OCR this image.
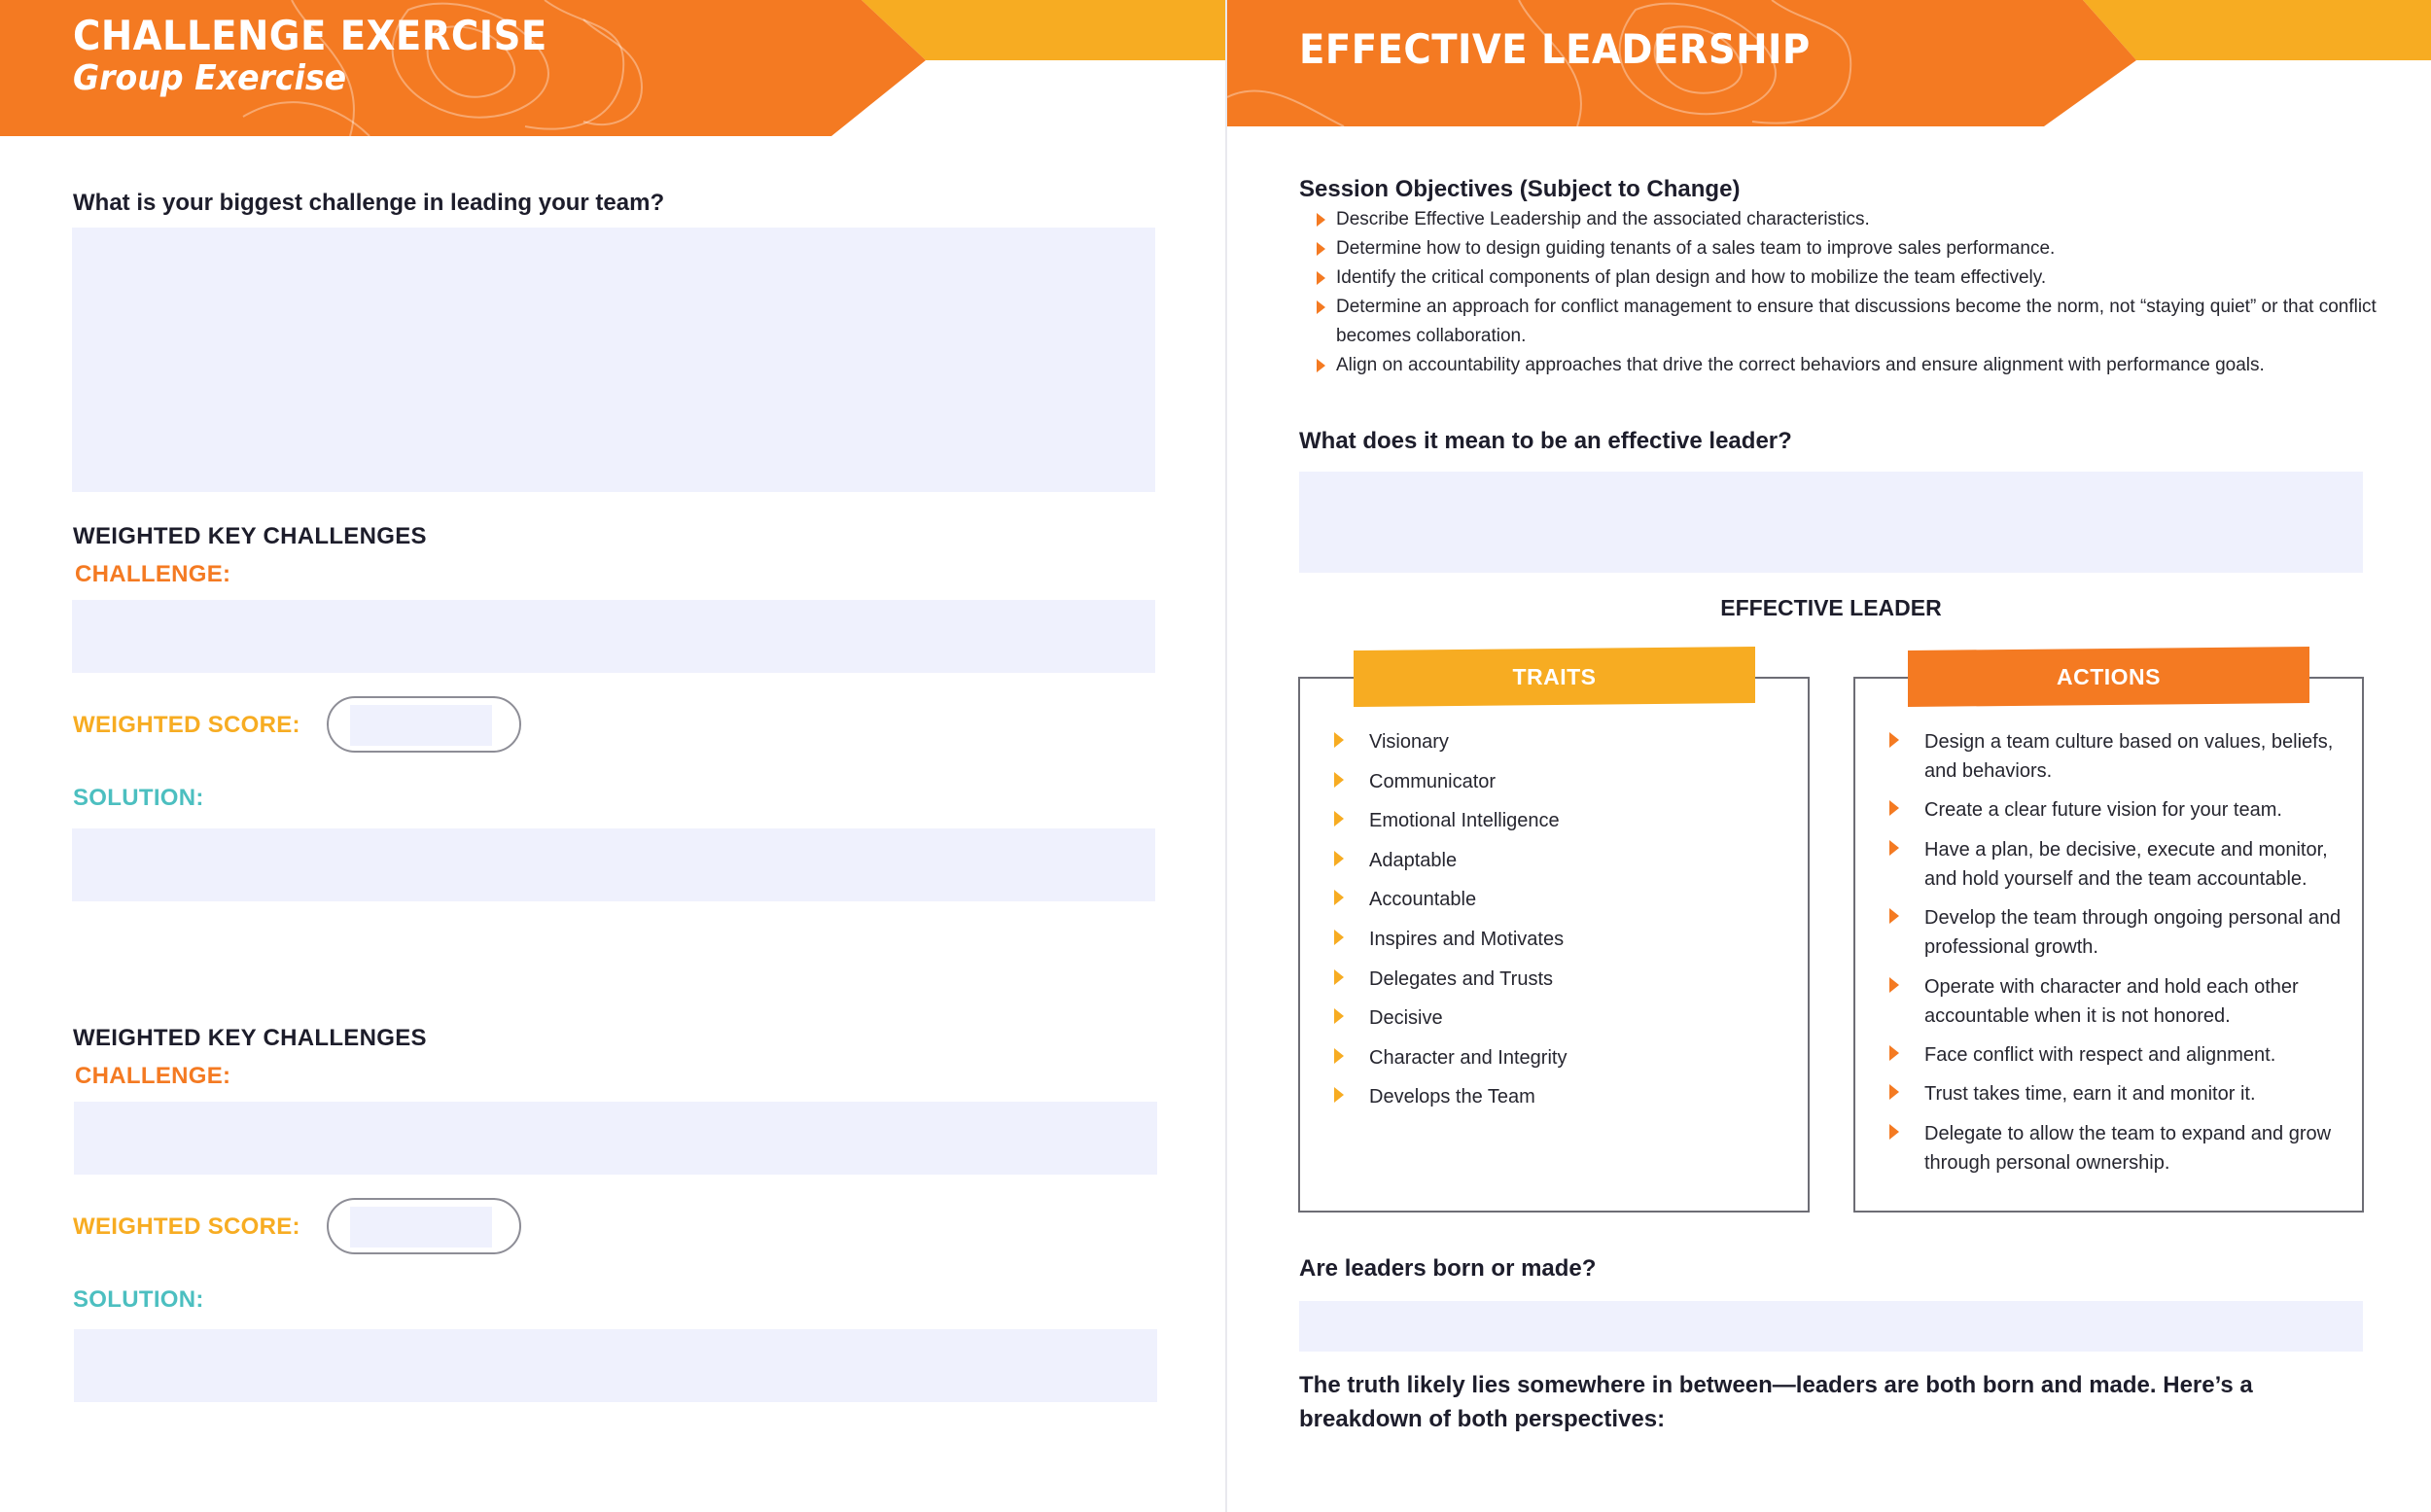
CHALLENGE EXERCISE
Group Exercise
What is your biggest challenge in leading your team?
WEIGHTED KEY CHALLENGES
CHALLENGE:
WEIGHTED SCORE:
SOLUTION:
WEIGHTED KEY CHALLENGES
CHALLENGE:
WEIGHTED SCORE:
SOLUTION:
EFFECTIVE LEADERSHIP
Session Objectives (Subject to Change)
Describe Effective Leadership and the associated characteristics.
Determine how to design guiding tenants of a sales team to improve sales performance.
Identify the critical components of plan design and how to mobilize the team effectively.
Determine an approach for conflict management to ensure that discussions become the norm, not “staying quiet” or that conflict becomes collaboration.
Align on accountability approaches that drive the correct behaviors and ensure alignment with performance goals.
What does it mean to be an effective leader?
EFFECTIVE LEADER
TRAITS
Visionary
Communicator
Emotional Intelligence
Adaptable
Accountable
Inspires and Motivates
Delegates and Trusts
Decisive
Character and Integrity
Develops the Team
ACTIONS
Design a team culture based on values, beliefs, and behaviors.
Create a clear future vision for your team.
Have a plan, be decisive, execute and monitor, and hold yourself and the team accountable.
Develop the team through ongoing personal and professional growth.
Operate with character and hold each other accountable when it is not honored.
Face conflict with respect and alignment.
Trust takes time, earn it and monitor it.
Delegate to allow the team to expand and grow through personal ownership.
Are leaders born or made?
The truth likely lies somewhere in between—leaders are both born and made. Here’s a breakdown of both perspectives:
